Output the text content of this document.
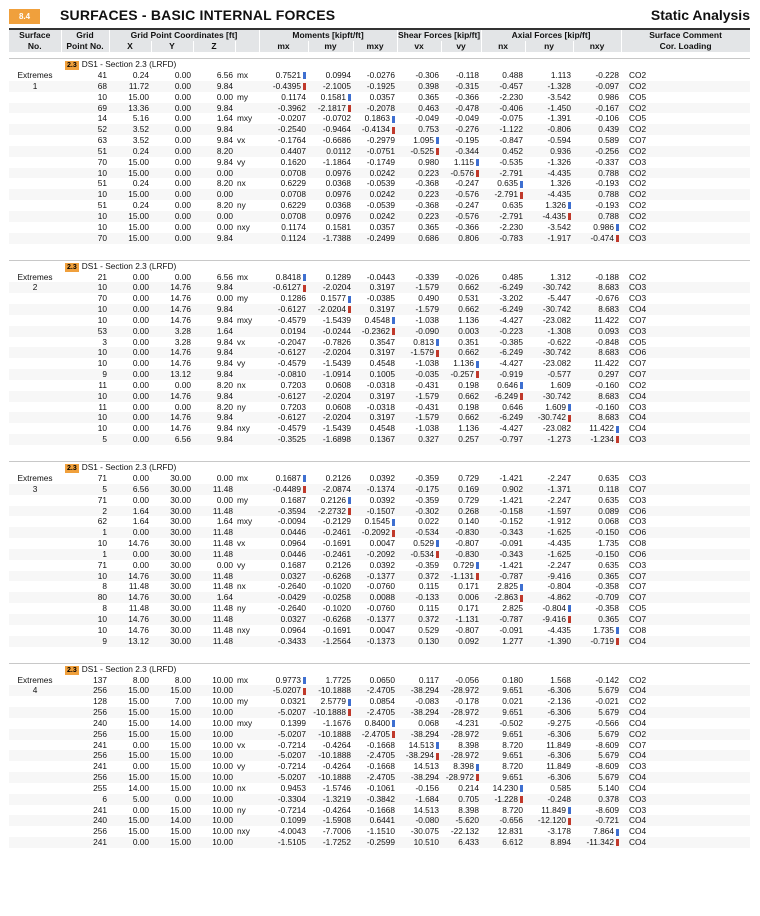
8.4	SURFACES - BASIC INTERNAL FORCES	Static Analysis
Surface	Grid	Grid Point Coordinates [ft]				Moments [kipft/ft]			Shear Forces [kip/ft]		Axial Forces [kip/ft]			Surface Comment
No.	Point No.	X	Y	Z		mx	my	mxy	vx	vy	nx	ny	nxy	Cor. Loading
2.3 DS1 - Section 2.3 (LRFD)
Extremes	41	0.24	0.00	6.56	mx	0.7521	0.0994	-0.0276	-0.306	-0.118	0.488	1.113	-0.228	CO2
1	68	11.72	0.00	9.84		-0.4395	-2.1005	-0.1925	0.398	-0.315	-0.457	-1.328	-0.097	CO2
	10	15.00	0.00	0.00	my	0.1174	0.1581	0.0357	0.365	-0.366	-2.230	-3.542	0.986	CO5
	69	13.36	0.00	9.84		-0.3962	-2.1817	-0.2078	0.463	-0.478	-0.406	-1.450	-0.167	CO2
	14	5.16	0.00	1.64	mxy	-0.0207	-0.0702	0.1863	-0.049	-0.049	-0.075	-1.391	-0.106	CO5
	52	3.52	0.00	9.84		-0.2540	-0.9464	-0.4134	0.753	-0.276	-1.122	-0.806	0.439	CO2
	63	3.52	0.00	9.84	vx	-0.1764	-0.6686	-0.2979	1.095	-0.195	-0.847	-0.594	0.589	CO7
	51	0.24	0.00	8.20		0.4407	0.0112	-0.0751	-0.525	-0.344	0.452	0.936	-0.256	CO2
	70	15.00	0.00	9.84	vy	0.1620	-1.1864	-0.1749	0.980	1.115	-0.535	-1.326	-0.337	CO3
	10	15.00	0.00	0.00		0.0708	0.0976	0.0242	0.223	-0.576	-2.791	-4.435	0.788	CO2
	51	0.24	0.00	8.20	nx	0.6229	0.0368	-0.0539	-0.368	-0.247	0.635	1.326	-0.193	CO2
	10	15.00	0.00	0.00		0.0708	0.0976	0.0242	0.223	-0.576	-2.791	-4.435	0.788	CO2
	51	0.24	0.00	8.20	ny	0.6229	0.0368	-0.0539	-0.368	-0.247	0.635	1.326	-0.193	CO2
	10	15.00	0.00	0.00		0.0708	0.0976	0.0242	0.223	-0.576	-2.791	-4.435	0.788	CO2
	10	15.00	0.00	0.00	nxy	0.1174	0.1581	0.0357	0.365	-0.366	-2.230	-3.542	0.986	CO2
	70	15.00	0.00	9.84		0.1124	-1.7388	-0.2499	0.686	0.806	-0.783	-1.917	-0.474	CO3
2.3 DS1 - Section 2.3 (LRFD)
Extremes	21	0.00	0.00	6.56	mx	0.8418	0.1289	-0.0443	-0.339	-0.026	0.485	1.312	-0.188	CO2
2	10	0.00	14.76	9.84		-0.6127	-2.0204	0.3197	-1.579	0.662	-6.249	-30.742	8.683	CO3
	70	0.00	14.76	0.00	my	0.1286	0.1577	-0.0385	0.490	0.531	-3.202	-5.447	-0.676	CO3
	10	0.00	14.76	9.84		-0.6127	-2.0204	0.3197	-1.579	0.662	-6.249	-30.742	8.683	CO4
	10	0.00	14.76	9.84	mxy	-0.4579	-1.5439	0.4548	-1.038	1.136	-4.427	-23.082	11.422	CO7
	53	0.00	3.28	1.64		0.0194	-0.0244	-0.2362	-0.090	0.003	-0.223	-1.308	0.093	CO3
	3	0.00	3.28	9.84	vx	-0.2047	-0.7826	0.3547	0.813	0.351	-0.385	-0.622	-0.848	CO5
	10	0.00	14.76	9.84		-0.6127	-2.0204	0.3197	-1.579	0.662	-6.249	-30.742	8.683	CO6
	10	0.00	14.76	9.84	vy	-0.4579	-1.5439	0.4548	-1.038	1.136	-4.427	-23.082	11.422	CO7
	9	0.00	13.12	9.84		-0.0810	-1.0914	0.1005	-0.035	-0.257	-0.919	-0.577	0.297	CO7
	11	0.00	0.00	8.20	nx	0.7203	0.0608	-0.0318	-0.431	0.198	0.646	1.609	-0.160	CO2
	10	0.00	14.76	9.84		-0.6127	-2.0204	0.3197	-1.579	0.662	-6.249	-30.742	8.683	CO4
	11	0.00	0.00	8.20	ny	0.7203	0.0608	-0.0318	-0.431	0.198	0.646	1.609	-0.160	CO3
	10	0.00	14.76	9.84		-0.6127	-2.0204	0.3197	-1.579	0.662	-6.249	-30.742	8.683	CO4
	10	0.00	14.76	9.84	nxy	-0.4579	-1.5439	0.4548	-1.038	1.136	-4.427	-23.082	11.422	CO4
	5	0.00	6.56	9.84		-0.3525	-1.6898	0.1367	0.327	0.257	-0.797	-1.273	-1.234	CO3
2.3 DS1 - Section 2.3 (LRFD)
Extremes	71	0.00	30.00	0.00	mx	0.1687	0.2126	0.0392	-0.359	0.729	-1.421	-2.247	0.635	CO3
3	5	6.56	30.00	11.48		-0.4489	-2.0874	-0.1374	-0.175	0.169	0.902	-1.371	0.118	CO7
	71	0.00	30.00	0.00	my	0.1687	0.2126	0.0392	-0.359	0.729	-1.421	-2.247	0.635	CO3
	2	1.64	30.00	11.48		-0.3594	-2.2732	-0.1507	-0.302	0.268	-0.158	-1.597	0.089	CO6
	62	1.64	30.00	1.64	mxy	-0.0094	-0.2129	0.1545	0.022	0.140	-0.152	-1.912	0.068	CO3
	1	0.00	30.00	11.48		0.0446	-0.2461	-0.2092	-0.534	-0.830	-0.343	-1.625	-0.150	CO6
	10	14.76	30.00	11.48	vx	0.0964	-0.1691	0.0047	0.529	-0.807	-0.091	-4.435	1.735	CO8
	1	0.00	30.00	11.48		0.0446	-0.2461	-0.2092	-0.534	-0.830	-0.343	-1.625	-0.150	CO6
	71	0.00	30.00	0.00	vy	0.1687	0.2126	0.0392	-0.359	0.729	-1.421	-2.247	0.635	CO3
	10	14.76	30.00	11.48		0.0327	-0.6268	-0.1377	0.372	-1.131	-0.787	-9.416	0.365	CO7
	8	11.48	30.00	11.48	nx	-0.2640	-0.1020	-0.0760	0.115	0.171	2.825	-0.804	-0.358	CO7
	80	14.76	30.00	1.64		-0.0429	-0.0258	0.0088	-0.133	0.006	-2.863	-4.862	-0.709	CO7
	8	11.48	30.00	11.48	ny	-0.2640	-0.1020	-0.0760	0.115	0.171	2.825	-0.804	-0.358	CO5
	10	14.76	30.00	11.48		0.0327	-0.6268	-0.1377	0.372	-1.131	-0.787	-9.416	0.365	CO7
	10	14.76	30.00	11.48	nxy	0.0964	-0.1691	0.0047	0.529	-0.807	-0.091	-4.435	1.735	CO8
	9	13.12	30.00	11.48		-0.3433	-1.2564	-0.1373	0.130	0.092	1.277	-1.390	-0.719	CO4
2.3 DS1 - Section 2.3 (LRFD)
Extremes	137	8.00	8.00	10.00	mx	0.9773	1.7725	0.0650	0.117	-0.056	0.180	1.568	-0.142	CO2
4	256	15.00	15.00	10.00		-5.0207	-10.1888	-2.4705	-38.294	-28.972	9.651	-6.306	5.679	CO4
	128	15.00	7.00	10.00	my	0.0321	2.5779	0.0854	-0.083	-0.178	0.021	-2.136	-0.021	CO2
	256	15.00	15.00	10.00		-5.0207	-10.1888	-2.4705	-38.294	-28.972	9.651	-6.306	5.679	CO4
	240	15.00	14.00	10.00	mxy	0.1399	-1.1676	0.8400	0.068	-4.231	-0.502	-9.275	-0.566	CO4
	256	15.00	15.00	10.00		-5.0207	-10.1888	-2.4705	-38.294	-28.972	9.651	-6.306	5.679	CO2
	241	0.00	15.00	10.00	vx	-0.7214	-0.4264	-0.1668	14.513	8.398	8.720	11.849	-8.609	CO7
	256	15.00	15.00	10.00		-5.0207	-10.1888	-2.4705	-38.294	-28.972	9.651	-6.306	5.679	CO4
	241	0.00	15.00	10.00	vy	-0.7214	-0.4264	-0.1668	14.513	8.398	8.720	11.849	-8.609	CO3
	256	15.00	15.00	10.00		-5.0207	-10.1888	-2.4705	-38.294	-28.972	9.651	-6.306	5.679	CO4
	255	14.00	15.00	10.00	nx	0.9453	-1.5746	-0.1061	-0.156	0.214	14.230	0.585	5.140	CO4
	6	5.00	0.00	10.00		-0.3304	-1.3219	-0.3842	-1.684	0.705	-1.228	-0.248	0.378	CO3
	241	0.00	15.00	10.00	ny	-0.7214	-0.4264	-0.1668	14.513	8.398	8.720	11.849	-8.609	CO3
	240	15.00	14.00	10.00		0.1099	-1.5908	0.6441	-0.080	-5.620	-0.656	-12.120	-0.721	CO4
	256	15.00	15.00	10.00	nxy	-4.0043	-7.7006	-1.1510	-30.075	-22.132	12.831	-3.178	7.864	CO4
	241	0.00	15.00	10.00		-1.5105	-1.7252	-0.2599	10.510	6.433	6.612	8.894	-11.342	CO4
